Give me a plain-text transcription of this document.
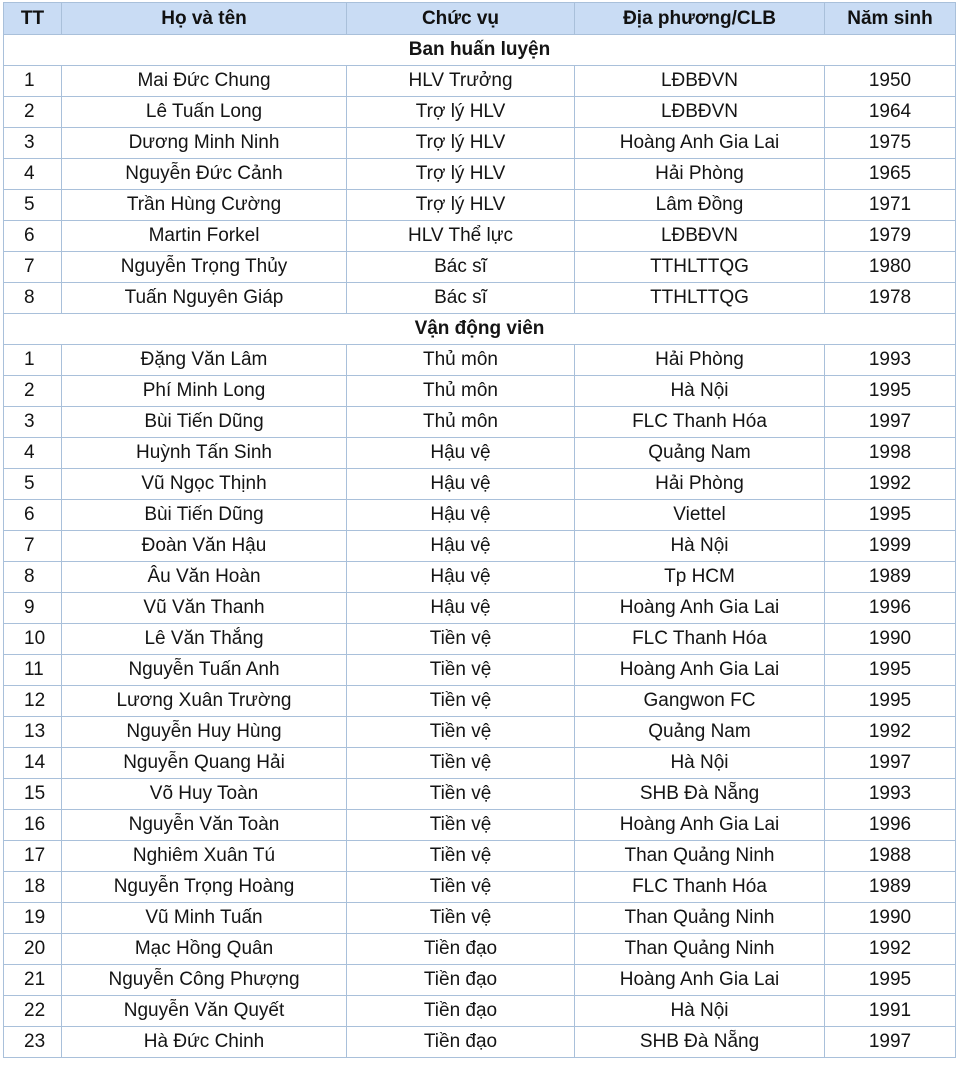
TT	Họ và tên	Chức vụ	Địa phương/CLB	Năm sinh
Ban huấn luyện				
1	Mai Đức Chung	HLV Trưởng	LĐBĐVN	1950
2	Lê Tuấn Long	Trợ lý HLV	LĐBĐVN	1964
3	Dương Minh Ninh	Trợ lý HLV	Hoàng Anh Gia Lai	1975
4	Nguyễn Đức Cảnh	Trợ lý HLV	Hải Phòng	1965
5	Trần Hùng Cường	Trợ lý HLV	Lâm Đồng	1971
6	Martin Forkel	HLV Thể lực	LĐBĐVN	1979
7	Nguyễn Trọng Thủy	Bác sĩ	TTHLTTQG	1980
8	Tuấn Nguyên Giáp	Bác sĩ	TTHLTTQG	1978
Vận động viên				
1	Đặng Văn Lâm	Thủ môn	Hải Phòng	1993
2	Phí Minh Long	Thủ môn	Hà Nội	1995
3	Bùi Tiến Dũng	Thủ môn	FLC Thanh Hóa	1997
4	Huỳnh Tấn Sinh	Hậu vệ	Quảng Nam	1998
5	Vũ Ngọc Thịnh	Hậu vệ	Hải Phòng	1992
6	Bùi Tiến Dũng	Hậu vệ	Viettel	1995
7	Đoàn Văn Hậu	Hậu vệ	Hà Nội	1999
8	Âu Văn Hoàn	Hậu vệ	Tp HCM	1989
9	Vũ Văn Thanh	Hậu vệ	Hoàng Anh Gia Lai	1996
10	Lê Văn Thắng	Tiền vệ	FLC Thanh Hóa	1990
11	Nguyễn Tuấn Anh	Tiền vệ	Hoàng Anh Gia Lai	1995
12	Lương Xuân Trường	Tiền vệ	Gangwon FC	1995
13	Nguyễn Huy Hùng	Tiền vệ	Quảng Nam	1992
14	Nguyễn Quang Hải	Tiền vệ	Hà Nội	1997
15	Võ Huy Toàn	Tiền vệ	SHB Đà Nẵng	1993
16	Nguyễn Văn Toàn	Tiền vệ	Hoàng Anh Gia Lai	1996
17	Nghiêm Xuân Tú	Tiền vệ	Than Quảng Ninh	1988
18	Nguyễn Trọng Hoàng	Tiền vệ	FLC Thanh Hóa	1989
19	Vũ Minh Tuấn	Tiền vệ	Than Quảng Ninh	1990
20	Mạc Hồng Quân	Tiền đạo	Than Quảng Ninh	1992
21	Nguyễn Công Phượng	Tiền đạo	Hoàng Anh Gia Lai	1995
22	Nguyễn Văn Quyết	Tiền đạo	Hà Nội	1991
23	Hà Đức Chinh	Tiền đạo	SHB Đà Nẵng	1997
